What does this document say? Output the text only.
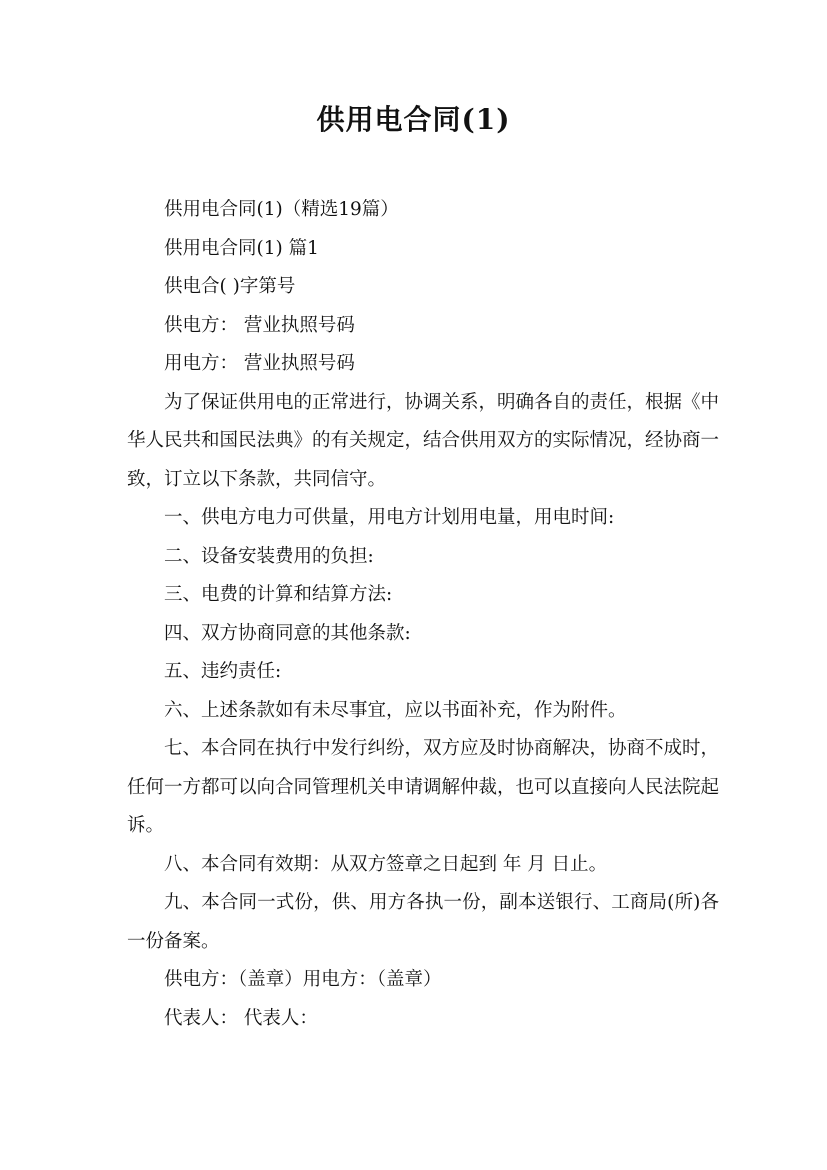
供用电合同(1)

供用电合同(1)（精选19篇）

供用电合同(1) 篇1

供电合( )字第号

供电方： 营业执照号码

用电方： 营业执照号码

为了保证供用电的正常进行，协调关系，明确各自的责任，根据《中华人民共和国民法典》的有关规定，结合供用双方的实际情况，经协商一致，订立以下条款，共同信守。

一、供电方电力可供量，用电方计划用电量，用电时间:

二、设备安装费用的负担:

三、电费的计算和结算方法:

四、双方协商同意的其他条款:

五、违约责任:

六、上述条款如有未尽事宜，应以书面补充，作为附件。

七、本合同在执行中发行纠纷，双方应及时协商解决，协商不成时，任何一方都可以向合同管理机关申请调解仲裁，也可以直接向人民法院起诉。

八、本合同有效期：从双方签章之日起到 年 月 日止。

九、本合同一式份，供、用方各执一份，副本送银行、工商局(所)各一份备案。

供电方：（盖章）用电方：（盖章）

代表人： 代表人：
